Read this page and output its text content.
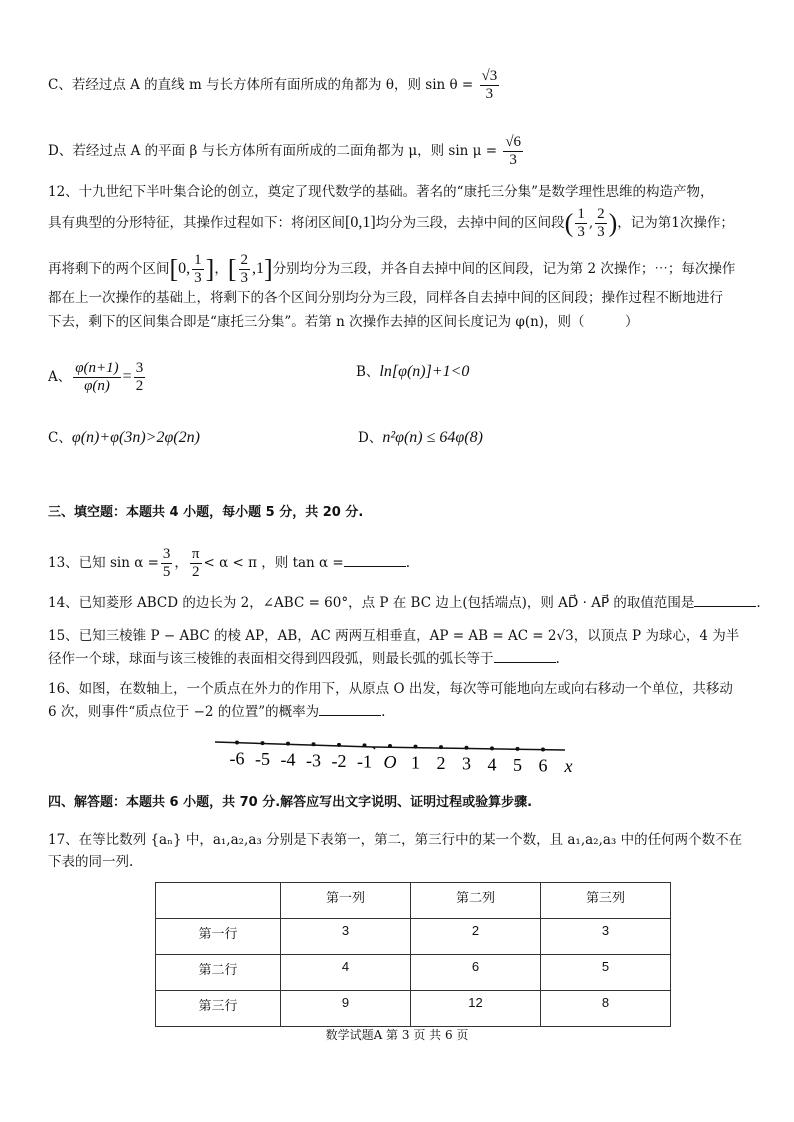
C、若经过点 A 的直线 m 与长方体所有面所成的角都为 θ，则 $\sin \theta = \frac{√3}{3}$
D、若经过点 A 的平面 β 与长方体所有面所成的二面角都为 μ，则 $\sin \mu = \frac{√6}{3}$
12、十九世纪下半叶集合论的创立，奠定了现代数学的基础。著名的“康托三分集”是数学理性思维的构造产物，
具有典型的分形特征，其操作过程如下：将闭区间[0,1]均分为三段，去掉中间的区间段( $\frac{1}{3}$ , $\frac{2}{3}$ )，记为第1次操作；
再将剩下的两个区间[0, $\frac{1}{3}$ ]，[ $\frac{2}{3} ,1$]分别均分为三段，并各自去掉中间的区间段，记为第 2 次操作；⋯；每次操作
都在上一次操作的基础上，将剩下的各个区间分别均分为三段，同样各自去掉中间的区间段；操作过程不断地进行
下去，剩下的区间集合即是“康托三分集”。若第 n 次操作去掉的区间长度记为 φ(n)，则（　　　）
A、 $\frac{\varphi(n+1)}{\varphi(n)} = \frac{3}{2}$	B、ln[φ(n)]+1<0
C、φ(n)+φ(3n)>2φ(2n)	D、n²φ(n) ≤ 64φ(8)
三、填空题：本题共 4 小题，每小题 5 分，共 20 分.
13、已知 $\sin \alpha = \frac{3}{5}$ ， $\frac{\pi}{2} < \alpha < \pi$ ，则 tan α =	.
14、已知菱形 ABCD 的边长为 2，∠ABC = 60°，点 P 在 BC 边上(包括端点)，则 AD⃗ · AP⃗ 的取值范围是	.
15、已知三棱锥 P − ABC 的棱 AP，AB，AC 两两互相垂直，AP = AB = AC = 2√3，以顶点 P 为球心，4 为半
径作一个球，球面与该三棱锥的表面相交得到四段弧，则最长弧的弧长等于	.
16、如图，在数轴上，一个质点在外力的作用下，从原点 O 出发，每次等可能地向左或向右移动一个单位，共移动
6 次，则事件“质点位于 −2 的位置”的概率为	.
-6 -5 -4 -3 -2 -1 O 1 2 3 4 5 6 x
四、解答题：本题共 6 小题，共 70 分.解答应写出文字说明、证明过程或验算步骤.
17、在等比数列 {aₙ} 中，a₁,a₂,a₃ 分别是下表第一，第二，第三行中的某一个数，且 a₁,a₂,a₃ 中的任何两个数不在
下表的同一列.
	第一列	第二列	第三列
第一行	3	2	3
第二行	4	6	5
第三行	9	12	8
数学试题A 第 3 页 共 6 页
